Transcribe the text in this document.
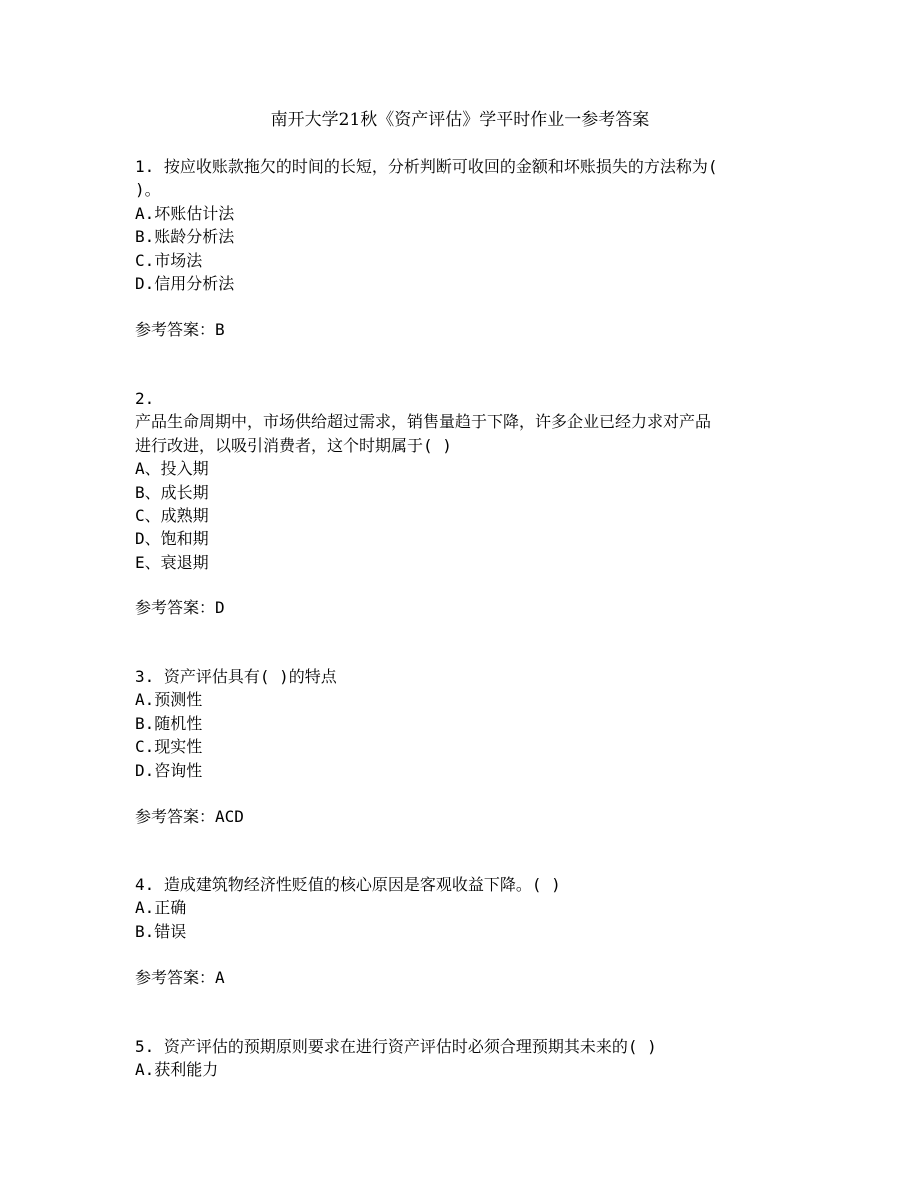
南开大学21秋《资产评估》学平时作业一参考答案
1. 按应收账款拖欠的时间的长短，分析判断可收回的金额和坏账损失的方法称为(
)。
A.坏账估计法
B.账龄分析法
C.市场法
D.信用分析法
参考答案：B
2.
产品生命周期中，市场供给超过需求，销售量趋于下降，许多企业已经力求对产品
进行改进，以吸引消费者，这个时期属于( )
A、投入期
B、成长期
C、成熟期
D、饱和期
E、衰退期
参考答案：D
3. 资产评估具有( )的特点
A.预测性
B.随机性
C.现实性
D.咨询性
参考答案：ACD
4. 造成建筑物经济性贬值的核心原因是客观收益下降。( )
A.正确
B.错误
参考答案：A
5. 资产评估的预期原则要求在进行资产评估时必须合理预期其未来的( )
A.获利能力
